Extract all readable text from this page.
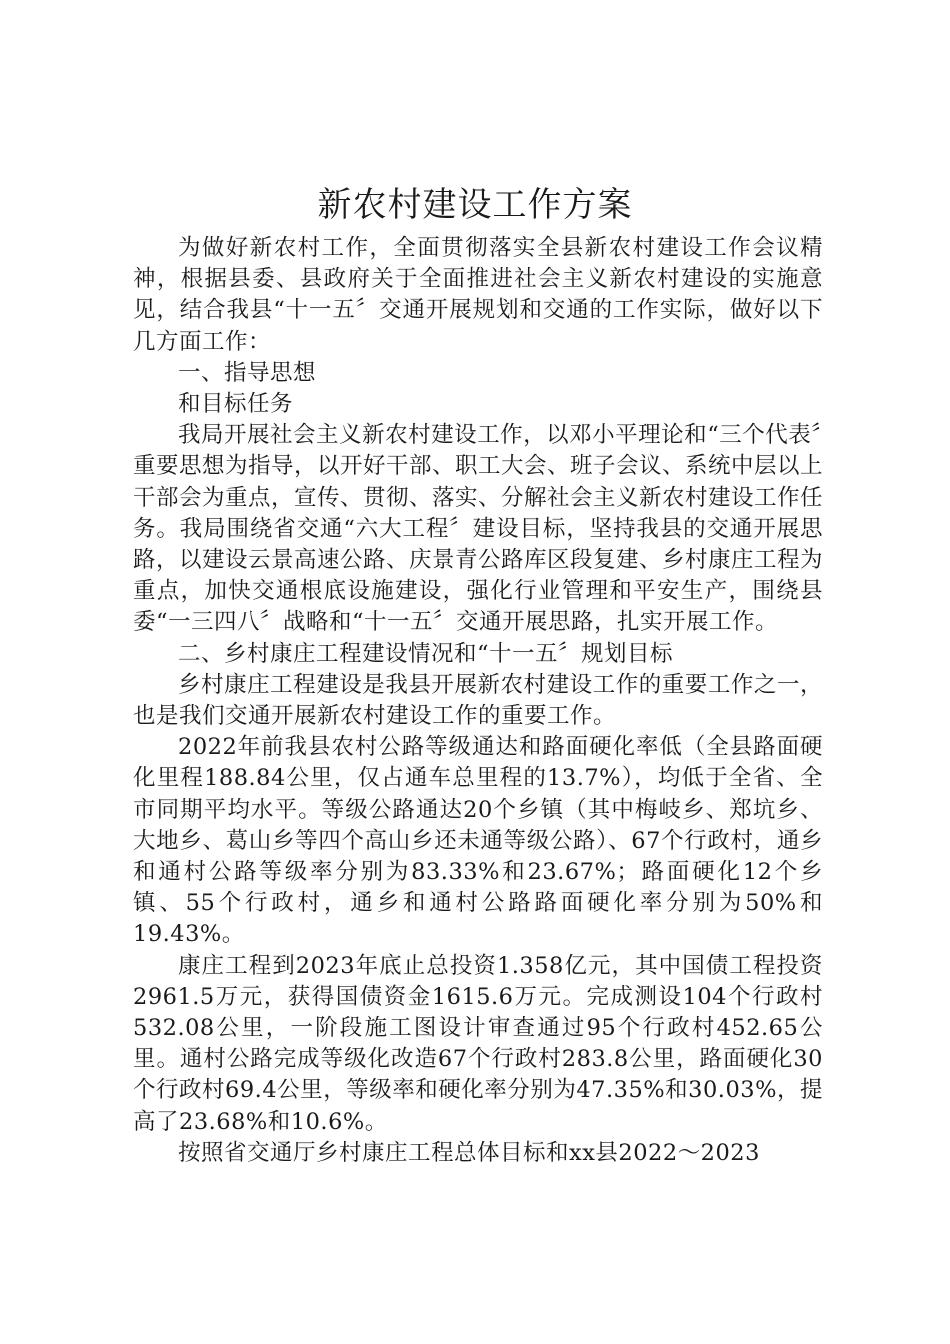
新农村建设工作方案

为做好新农村工作，全面贯彻落实全县新农村建设工作会议精神，根据县委、县政府关于全面推进社会主义新农村建设的实施意见，结合我县“十一五〞交通开展规划和交通的工作实际，做好以下几方面工作：

一、指导思想

和目标任务

我局开展社会主义新农村建设工作，以邓小平理论和“三个代表〞重要思想为指导，以开好干部、职工大会、班子会议、系统中层以上干部会为重点，宣传、贯彻、落实、分解社会主义新农村建设工作任务。我局围绕省交通“六大工程〞建设目标，坚持我县的交通开展思路，以建设云景高速公路、庆景青公路库区段复建、乡村康庄工程为重点，加快交通根底设施建设，强化行业管理和平安生产，围绕县委“一三四八〞战略和“十一五〞交通开展思路，扎实开展工作。

二、乡村康庄工程建设情况和“十一五〞规划目标

乡村康庄工程建设是我县开展新农村建设工作的重要工作之一，也是我们交通开展新农村建设工作的重要工作。

2022年前我县农村公路等级通达和路面硬化率低（全县路面硬化里程188.84公里，仅占通车总里程的13.7%），均低于全省、全市同期平均水平。等级公路通达20个乡镇（其中梅岐乡、郑坑乡、大地乡、葛山乡等四个高山乡还未通等级公路）、67个行政村，通乡和通村公路等级率分别为83.33%和23.67%；路面硬化12个乡镇、55个行政村，通乡和通村公路路面硬化率分别为50%和19.43%。

康庄工程到2023年底止总投资1.358亿元，其中国债工程投资2961.5万元，获得国债资金1615.6万元。完成测设104个行政村532.08公里，一阶段施工图设计审查通过95个行政村452.65公里。通村公路完成等级化改造67个行政村283.8公里，路面硬化30个行政村69.4公里，等级率和硬化率分别为47.35%和30.03%，提高了23.68%和10.6%。

按照省交通厅乡村康庄工程总体目标和xx县2022～2023
